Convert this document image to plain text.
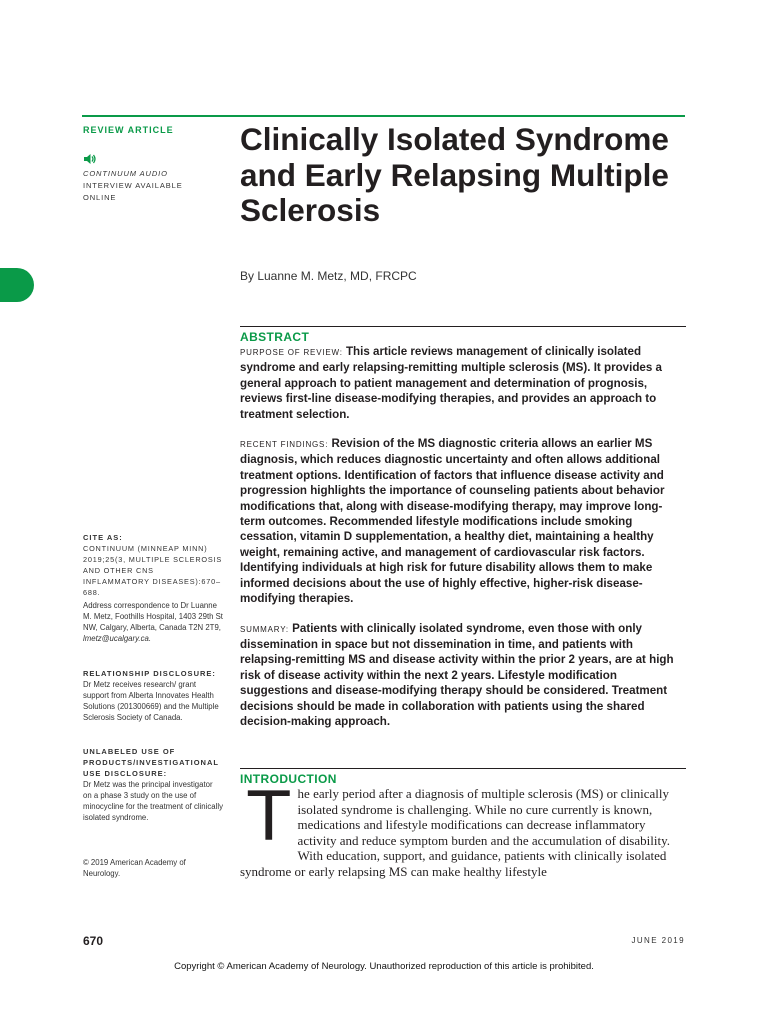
REVIEW ARTICLE
CONTINUUM AUDIO
INTERVIEW AVAILABLE
ONLINE
Clinically Isolated Syndrome and Early Relapsing Multiple Sclerosis
By Luanne M. Metz, MD, FRCPC
ABSTRACT

PURPOSE OF REVIEW: This article reviews management of clinically isolated syndrome and early relapsing-remitting multiple sclerosis (MS). It provides a general approach to patient management and determination of prognosis, reviews first-line disease-modifying therapies, and provides an approach to treatment selection.

RECENT FINDINGS: Revision of the MS diagnostic criteria allows an earlier MS diagnosis, which reduces diagnostic uncertainty and often allows additional treatment options. Identification of factors that influence disease activity and progression highlights the importance of counseling patients about behavior modifications that, along with disease-modifying therapy, may improve long-term outcomes. Recommended lifestyle modifications include smoking cessation, vitamin D supplementation, a healthy diet, maintaining a healthy weight, remaining active, and management of cardiovascular risk factors. Identifying individuals at high risk for future disability allows them to make informed decisions about the use of highly effective, higher-risk disease-modifying therapies.

SUMMARY: Patients with clinically isolated syndrome, even those with only dissemination in space but not dissemination in time, and patients with relapsing-remitting MS and disease activity within the prior 2 years, are at high risk of disease activity within the next 2 years. Lifestyle modification suggestions and disease-modifying therapy should be considered. Treatment decisions should be made in collaboration with patients using the shared decision-making approach.

CITE AS:
CONTINUUM (MINNEAP MINN) 2019;25(3, MULTIPLE SCLEROSIS AND OTHER CNS INFLAMMATORY DISEASES):670–688.
Address correspondence to Dr Luanne M. Metz, Foothills Hospital, 1403 29th St NW, Calgary, Alberta, Canada T2N 2T9, lmetz@ucalgary.ca.
RELATIONSHIP DISCLOSURE:
Dr Metz receives research/ grant support from Alberta Innovates Health Solutions (201300669) and the Multiple Sclerosis Society of Canada.
UNLABELED USE OF PRODUCTS/INVESTIGATIONAL USE DISCLOSURE:
Dr Metz was the principal investigator on a phase 3 study on the use of minocycline for the treatment of clinically isolated syndrome.
© 2019 American Academy of Neurology.
INTRODUCTION
T he early period after a diagnosis of multiple sclerosis (MS) or clinically isolated syndrome is challenging. While no cure currently is known, medications and lifestyle modifications can decrease inflammatory activity and reduce symptom burden and the accumulation of disability. With education, support, and guidance, patients with clinically isolated syndrome or early relapsing MS can make healthy lifestyle
670	JUNE 2019
Copyright © American Academy of Neurology. Unauthorized reproduction of this article is prohibited.
